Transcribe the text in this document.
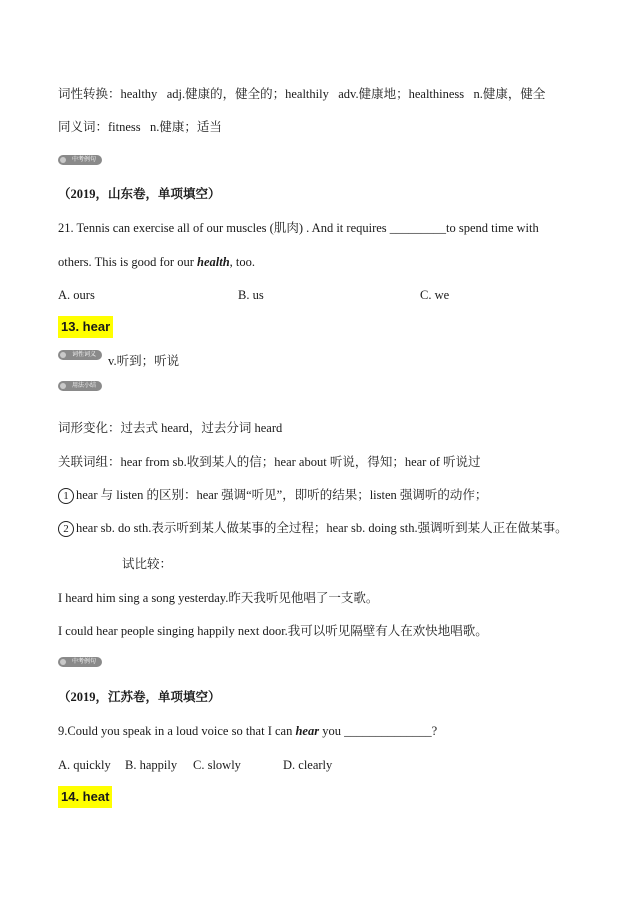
词性转换：healthy adj.健康的，健全的；healthily adv.健康地；healthiness n.健康，健全
同义词：fitness n.健康；适当
中考例句
（2019，山东卷，单项填空）
21. Tennis can exercise all of our muscles (肌肉) . And it requires _________to spend time with
others. This is good for our health, too.
A. ours	B. us	C. we
13. hear
词性词义 v.听到；听说
用法小结
词形变化：过去式 heard，过去分词 heard
关联词组：hear from sb.收到某人的信；hear about 听说，得知；hear of 听说过
1 hear 与 listen 的区别：hear 强调“听见”，即听的结果；listen 强调听的动作；
2 hear sb. do sth.表示听到某人做某事的全过程；hear sb. doing sth.强调听到某人正在做某事。
试比较：
I heard him sing a song yesterday.昨天我听见他唱了一支歌。
I could hear people singing happily next door.我可以听见隔壁有人在欢快地唱歌。
中考例句
（2019，江苏卷，单项填空）
9.Could you speak in a loud voice so that I can hear you ______________?
A. quickly B. happily C. slowly	D. clearly
14. heat
